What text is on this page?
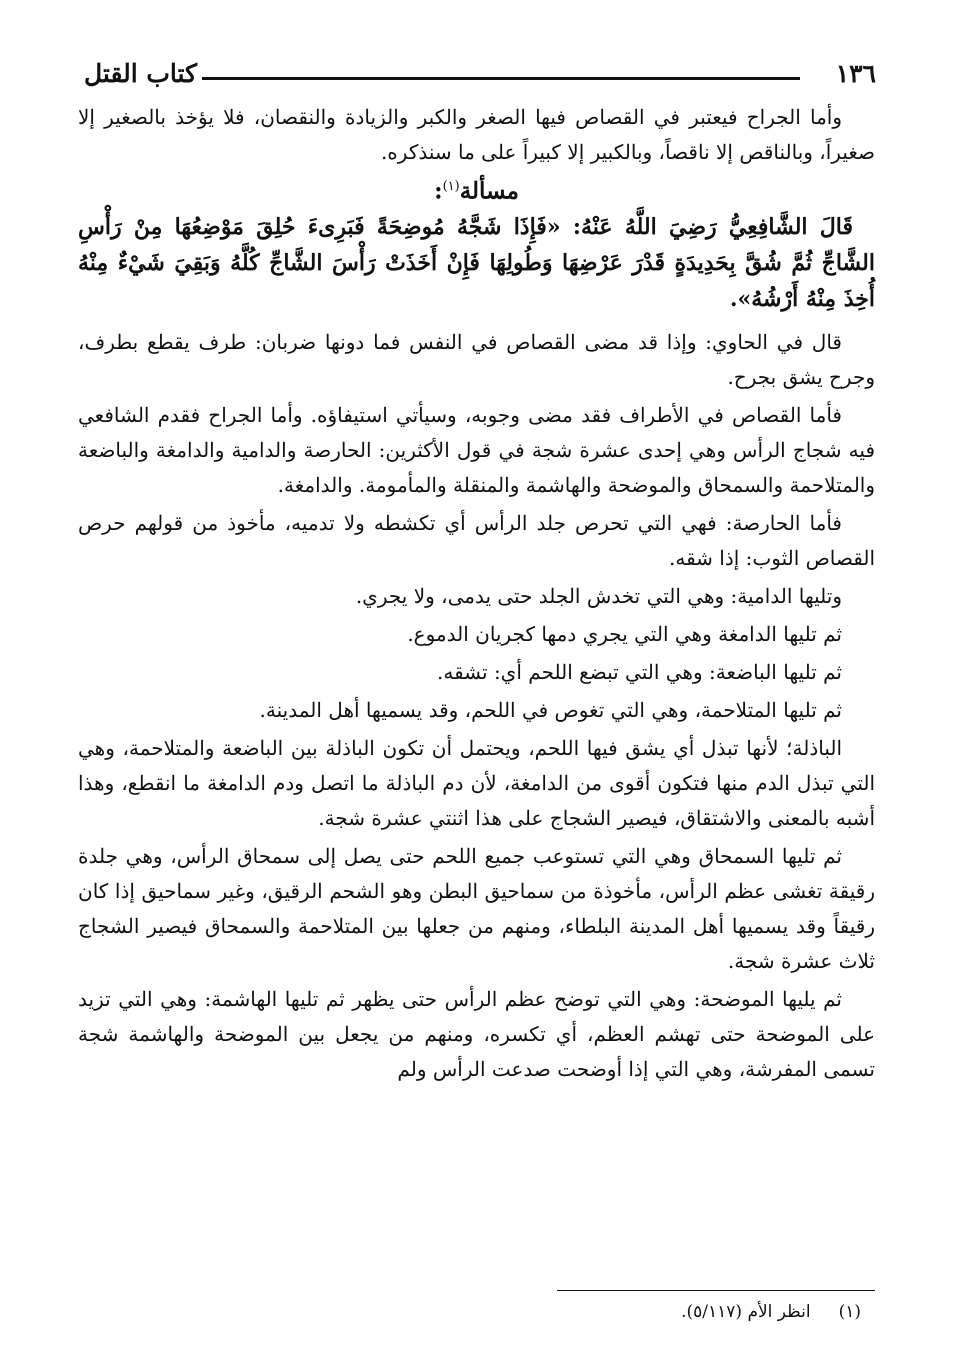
١٣٦
كتاب القتل

وأما الجراح فيعتبر في القصاص فيها الصغر والكبر والزيادة والنقصان، فلا يؤخذ بالصغير إلا صغيراً، وبالناقص إلا ناقصاً، وبالكبير إلا كبيراً على ما سنذكره.

مسألة$^{(١)}$:

قَالَ الشَّافِعِيُّ رَضِيَ اللَّهُ عَنْهُ: «فَإِذَا شَجَّهُ مُوضِحَةً فَبَرِىءَ حُلِقَ مَوْضِعُهَا مِنْ رَأْسِ الشَّاجِّ ثُمَّ شُقَّ بِحَدِيدَةٍ قَدْرَ عَرْضِهَا وَطُولِهَا فَإِنْ أَخَذَتْ رَأْسَ الشَّاجِّ كُلَّهُ وَبَقِيَ شَيْءٌ مِنْهُ أُخِذَ مِنْهُ أَرْشُهُ».

قال في الحاوي: وإذا قد مضى القصاص في النفس فما دونها ضربان: طرف يقطع بطرف، وجرح يشق بجرح.

فأما القصاص في الأطراف فقد مضى وجوبه، وسيأتي استيفاؤه. وأما الجراح فقدم الشافعي فيه شجاج الرأس وهي إحدى عشرة شجة في قول الأكثرين: الحارصة والدامية والدامغة والباضعة والمتلاحمة والسمحاق والموضحة والهاشمة والمنقلة والمأمومة. والدامغة.

فأما الحارصة: فهي التي تحرص جلد الرأس أي تكشطه ولا تدميه، مأخوذ من قولهم حرص القصاص الثوب: إذا شقه.

وتليها الدامية: وهي التي تخدش الجلد حتى يدمى، ولا يجري.

ثم تليها الدامغة وهي التي يجري دمها كجريان الدموع.

ثم تليها الباضعة: وهي التي تبضع اللحم أي: تشقه.

ثم تليها المتلاحمة، وهي التي تغوص في اللحم، وقد يسميها أهل المدينة.

الباذلة؛ لأنها تبذل أي يشق فيها اللحم، ويحتمل أن تكون الباذلة بين الباضعة والمتلاحمة، وهي التي تبذل الدم منها فتكون أقوى من الدامغة، لأن دم الباذلة ما اتصل ودم الدامغة ما انقطع، وهذا أشبه بالمعنى والاشتقاق، فيصير الشجاج على هذا اثنتي عشرة شجة.

ثم تليها السمحاق وهي التي تستوعب جميع اللحم حتى يصل إلى سمحاق الرأس، وهي جلدة رقيقة تغشى عظم الرأس، مأخوذة من سماحيق البطن وهو الشحم الرقيق، وغير سماحيق إذا كان رقيقاً وقد يسميها أهل المدينة البلطاء، ومنهم من جعلها بين المتلاحمة والسمحاق فيصير الشجاج ثلاث عشرة شجة.

ثم يليها الموضحة: وهي التي توضح عظم الرأس حتى يظهر ثم تليها الهاشمة: وهي التي تزيد على الموضحة حتى تهشم العظم، أي تكسره، ومنهم من يجعل بين الموضحة والهاشمة شجة تسمى المفرشة، وهي التي إذا أوضحت صدعت الرأس ولم

(١)انظر الأم (٥/١١٧).
